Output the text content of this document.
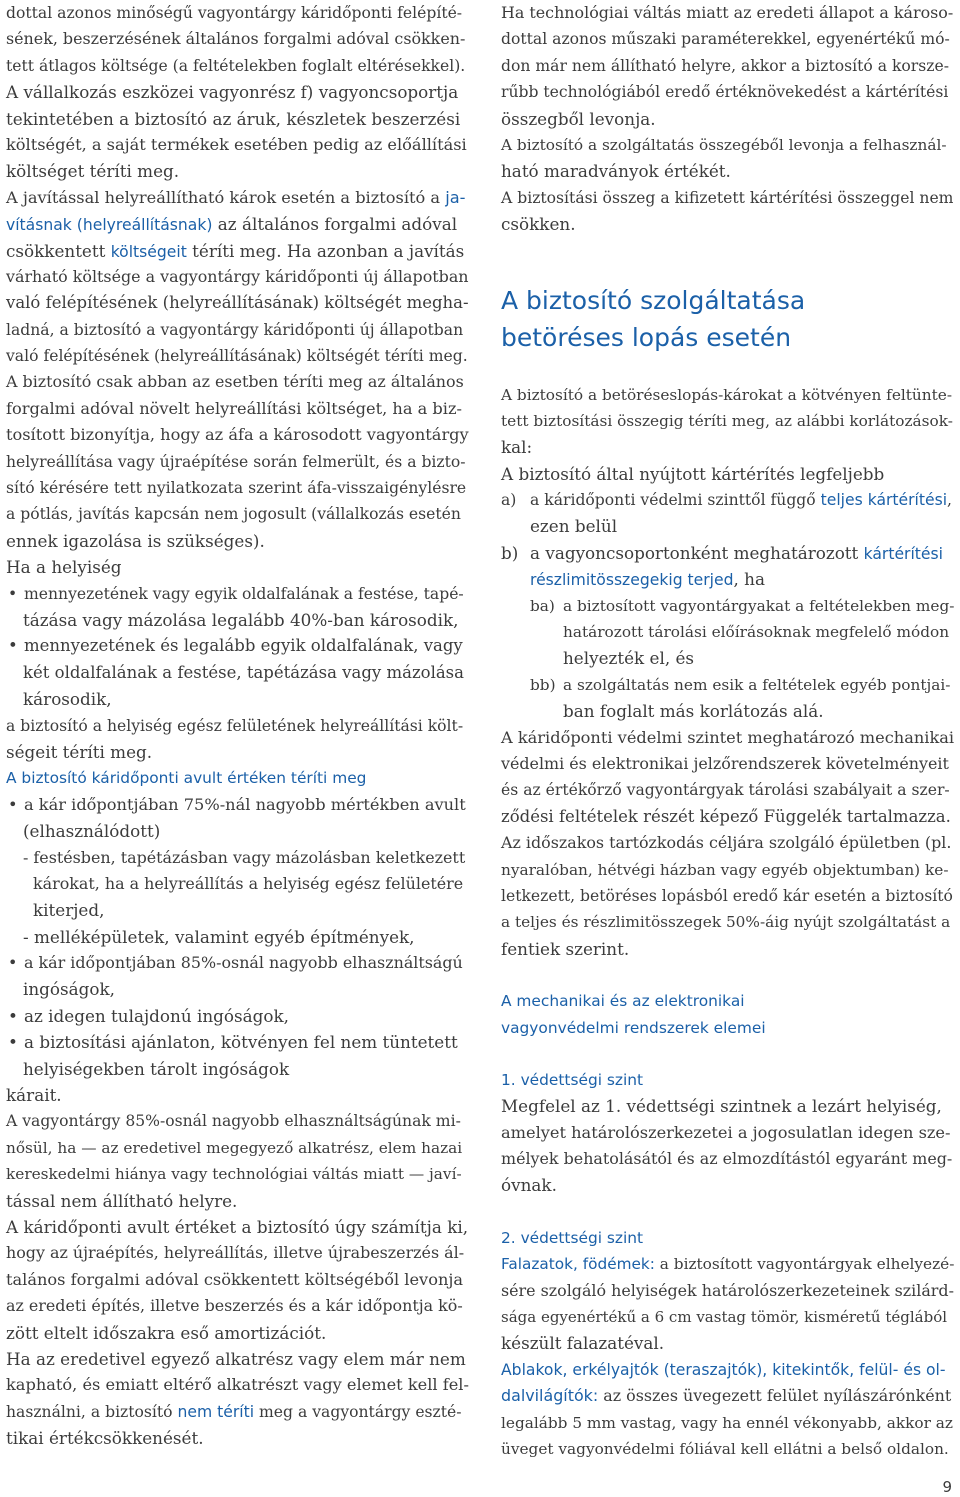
dottal azonos minőségű vagyontárgy káridőponti felépíté-
sének, beszerzésének általános forgalmi adóval csökken-
tett átlagos költsége (a feltételekben foglalt eltérésekkel).
A vállalkozás eszközei vagyonrész f) vagyoncsoportja
tekintetében a biztosító az áruk, készletek beszerzési
költségét, a saját termékek esetében pedig az előállítási
költséget téríti meg.
A javítással helyreállítható károk esetén a biztosító a ja-
vításnak (helyreállításnak) az általános forgalmi adóval
csökkentett költségeit téríti meg. Ha azonban a javítás
várható költsége a vagyontárgy káridőponti új állapotban
való felépítésének (helyreállításának) költségét meghа-
ladná, a biztosító a vagyontárgy káridőponti új állapotban
való felépítésének (helyreállításának) költségét téríti meg.
A biztosító csak abban az esetben téríti meg az általános
forgalmi adóval növelt helyreállítási költséget, ha a biz-
tosított bizonyítja, hogy az áfa a károsodott vagyontárgy
helyreállítása vagy újraépítése során felmerült, és a bizto-
sító kérésére tett nyilatkozata szerint áfa-visszaigénylésre
a pótlás, javítás kapcsán nem jogosult (vállalkozás esetén
ennek igazolása is szükséges).
Ha a helyiség
• mennyezetének vagy egyik oldalfalának a festése, tapé-
tázása vagy mázolása legalább 40%-ban károsodik,
• mennyezetének és legalább egyik oldalfalának, vagy
két oldalfalának a festése, tapétázása vagy mázolása
károsodik,
a biztosító a helyiség egész felületének helyreállítási költ-
ségeit téríti meg.
A biztosító káridőponti avult értéken téríti meg
• a kár időpontjában 75%-nál nagyobb mértékben avult
(elhasználódott)
- festésben, tapétázásban vagy mázolásban keletkezett
károkat, ha a helyreállítás a helyiség egész felületére
kiterjed,
- melléképületek, valamint egyéb építmények,
• a kár időpontjában 85%-osnál nagyobb elhasználtságú
ingóságok,
• az idegen tulajdonú ingóságok,
• a biztosítási ajánlaton, kötvényen fel nem tüntetett
helyiségekben tárolt ingóságok
kárait.
A vagyontárgy 85%-osnál nagyobb elhasználtságúnak mi-
nősül, ha — az eredetivel megegyező alkatrész, elem hazai
kereskedelmi hiánya vagy technológiai váltás miatt — javí-
tással nem állítható helyre.
A káridőponti avult értéket a biztosító úgy számítja ki,
hogy az újraépítés, helyreállítás, illetve újrabeszerzés ál-
talános forgalmi adóval csökkentett költségéből levonja
az eredeti építés, illetve beszerzés és a kár időpontja kö-
zött eltelt időszakra eső amortizációt.
Ha az eredetivel egyező alkatrész vagy elem már nem
kapható, és emiatt eltérő alkatrészt vagy elemet kell fel-
használni, a biztosító nem téríti meg a vagyontárgy eszté-
tikai értékcsökkenését.
Ha technológiai váltás miatt az eredeti állapot a károso-
dottal azonos műszaki paraméterekkel, egyenértékű mó-
don már nem állítható helyre, akkor a biztosító a korszе-
rűbb technológiából eredő értéknövekedést a kártérítési
összegből levonja.
A biztosító a szolgáltatás összegéből levonja a felhasznál-
ható maradványok értékét.
A biztosítási összeg a kifizetett kártérítési összeggel nem
csökken.
A biztosító szolgáltatása
betöréses lopás esetén
A biztosító a betöréseslopás-károkat a kötvényen feltünte-
tett biztosítási összegig téríti meg, az alábbi korlátozások-
kal:
A biztosító által nyújtott kártérítés legfeljebb
a) a káridőponti védelmi szinttől függő teljes kártérítési,
ezen belül
b) a vagyoncsoportonként meghatározott kártérítési
részlimitösszegekig terjed, ha
ba) a biztosított vagyontárgyakat a feltételekben meg-
határozott tárolási előírásoknak megfelelő módon
helyezték el, és
bb) a szolgáltatás nem esik a feltételek egyéb pontjai-
ban foglalt más korlátozás alá.
A káridőponti védelmi szintet meghatározó mechanikai
védelmi és elektronikai jelzőrendszerek követelményeit
és az értékőrző vagyontárgyak tárolási szabályait a szer-
ződési feltételek részét képező Függelék tartalmazza.
Az időszakos tartózkodás céljára szolgáló épületben (pl.
nyaralóban, hétvégi házban vagy egyéb objektumban) ke-
letkezett, betöréses lopásból eredő kár esetén a biztosító
a teljes és részlimitösszegek 50%-áig nyújt szolgáltatást a
fentiek szerint.
A mechanikai és az elektronikai
vagyonvédelmi rendszerek elemei
1. védettségi szint
Megfelel az 1. védettségi szintnek a lezárt helyiség,
amelyet határolószerkezetei a jogosulatlan idegen sze-
mélyek behatolásától és az elmozdítástól egyaránt meg-
óvnak.
2. védettségi szint
Falazatok, födémek: a biztosított vagyontárgyak elhelyezé-
sére szolgáló helyiségek határolószerkezeteinek szilárd-
sága egyenértékű a 6 cm vastag tömör, kisméretű téglából
készült falazatéval.
Ablakok, erkélyajtók (teraszajtók), kitekintők, felül- és ol-
dalvilágítók: az összes üvegezett felület nyílászárónként
legalább 5 mm vastag, vagy ha ennél vékonyabb, akkor az
üveget vagyonvédelmi fóliával kell ellátni a belső oldalon.
9
